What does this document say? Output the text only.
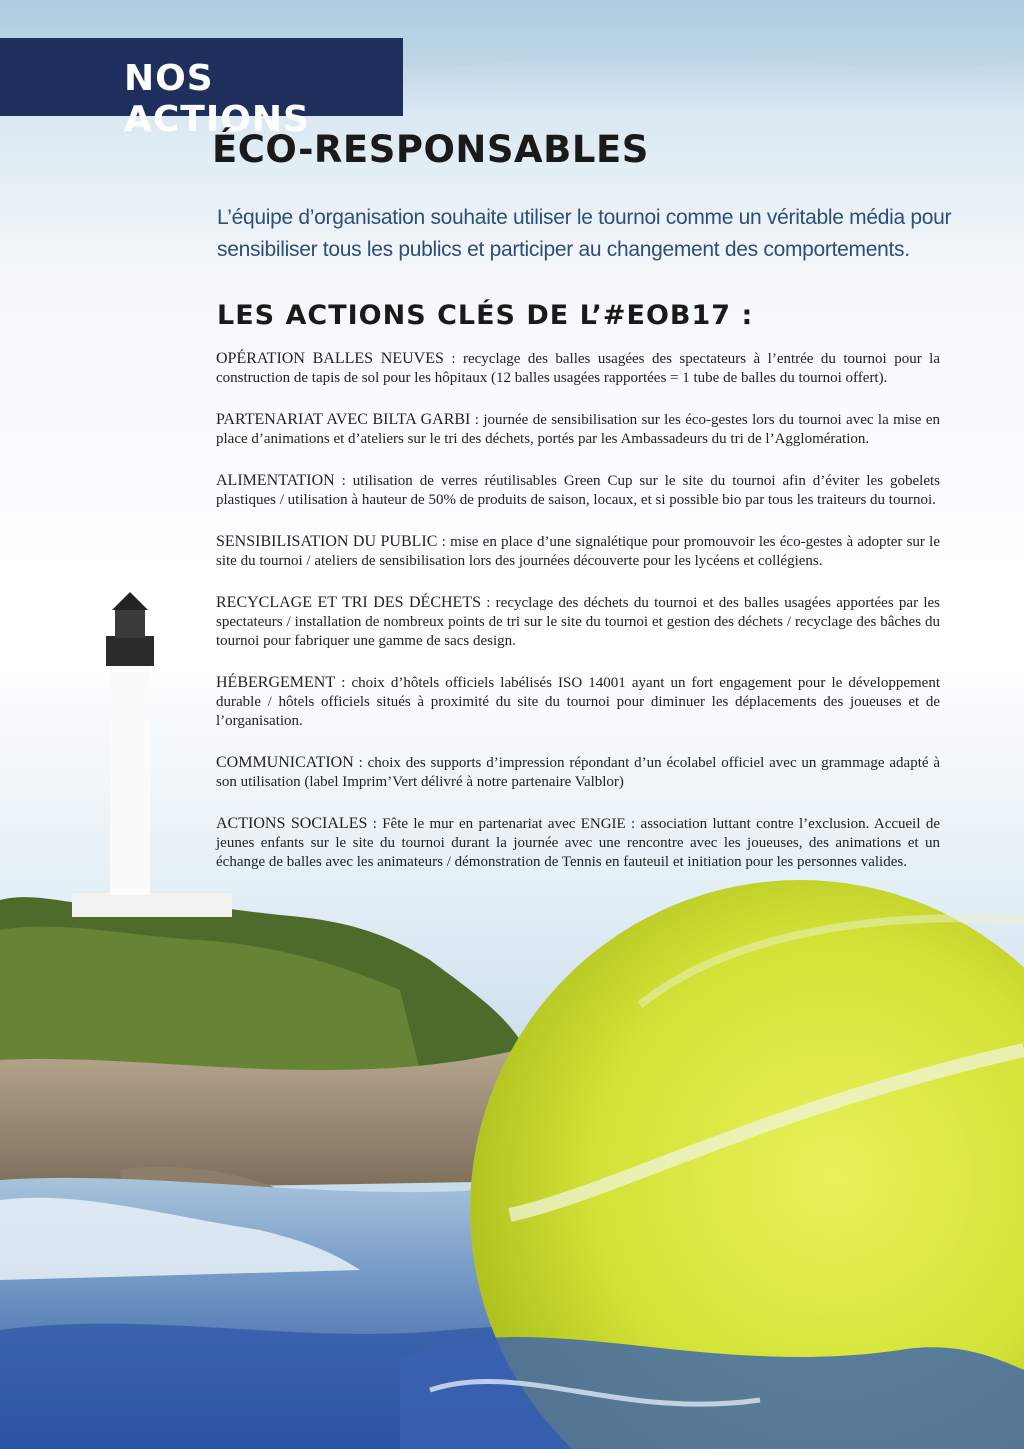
NOS ACTIONS
ÉCO-RESPONSABLES

L’équipe d’organisation souhaite utiliser le tournoi comme un véritable média pour sensibiliser tous les publics et participer au changement des comportements.

LES ACTIONS CLÉS DE L’#EOB17 :
OPÉRATION BALLES NEUVES : recyclage des balles usagées des spectateurs à l’entrée du tournoi pour la construction de tapis de sol pour les hôpitaux (12 balles usagées rapportées = 1 tube de balles du tournoi offert).
PARTENARIAT AVEC BILTA GARBI : journée de sensibilisation sur les éco-gestes lors du tournoi avec la mise en place d’animations et d’ateliers sur le tri des déchets, portés par les Ambassadeurs du tri de l’Agglomération.
ALIMENTATION : utilisation de verres réutilisables Green Cup sur le site du tournoi afin d’éviter les gobelets plastiques / utilisation à hauteur de 50% de produits de saison, locaux, et si possible bio par tous les traiteurs du tournoi.
SENSIBILISATION DU PUBLIC : mise en place d’une signalétique pour promouvoir les éco-gestes à adopter sur le site du tournoi / ateliers de sensibilisation lors des journées découverte pour les lycéens et collégiens.
RECYCLAGE ET TRI DES DÉCHETS : recyclage des déchets du tournoi et des balles usagées apportées par les spectateurs / installation de nombreux points de tri sur le site du tournoi et gestion des déchets / recyclage des bâches du tournoi pour fabriquer une gamme de sacs design.
HÉBERGEMENT : choix d’hôtels officiels labélisés ISO 14001 ayant un fort engagement pour le développement durable / hôtels officiels situés à proximité du site du tournoi pour diminuer les déplacements des joueuses et de l’organisation.
COMMUNICATION : choix des supports d’impression répondant d’un écolabel officiel avec un grammage adapté à son utilisation (label Imprim’Vert délivré à notre partenaire Valblor)
ACTIONS SOCIALES : Fête le mur en partenariat avec ENGIE : association luttant contre l’exclusion. Accueil de jeunes enfants sur le site du tournoi durant la journée avec une rencontre avec les joueuses, des animations et un échange de balles avec les animateurs / démonstration de Tennis en fauteuil et initiation pour les personnes valides.
